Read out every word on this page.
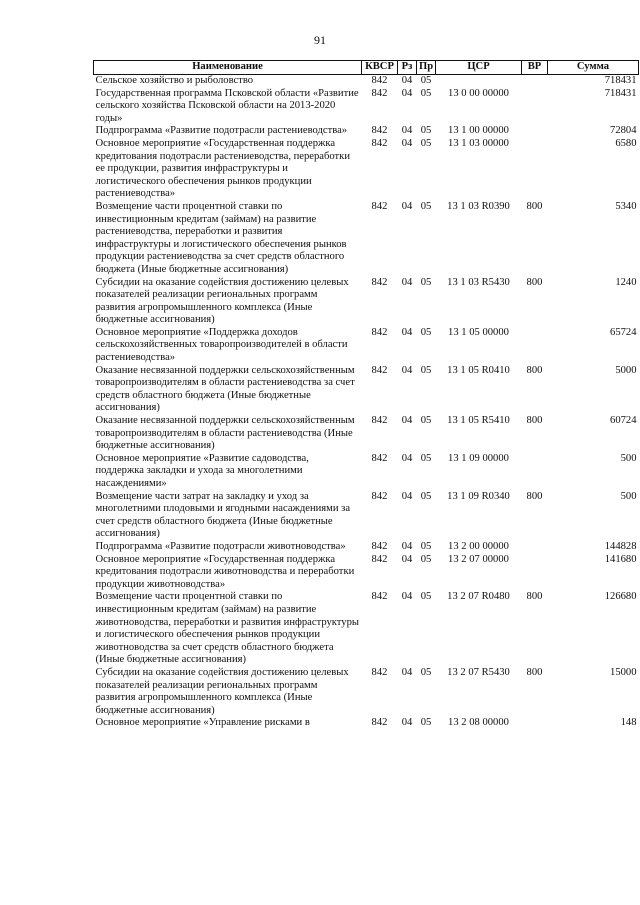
91
Наименование	КВСР	Рз	Пр	ЦСР	ВР	Сумма
Сельское хозяйство и рыболовство	842	04	05			718431
Государственная программа Псковской области «Развитие сельского хозяйства Псковской области на 2013-2020 годы»	842	04	05	13 0 00 00000		718431
Подпрограмма «Развитие подотрасли растениеводства»	842	04	05	13 1 00 00000		72804
Основное мероприятие «Государственная поддержка кредитования подотрасли растениеводства, переработки ее продукции, развития инфраструктуры и логистического обеспечения рынков продукции растениеводства»	842	04	05	13 1 03 00000		6580
Возмещение части процентной ставки по инвестиционным кредитам (займам) на развитие растениеводства, переработки и развития инфраструктуры и логистического обеспечения рынков продукции растениеводства за счет средств областного бюджета (Иные бюджетные ассигнования)	842	04	05	13 1 03 R0390	800	5340
Субсидии на оказание содействия достижению целевых показателей реализации региональных программ развития агропромышленного комплекса (Иные бюджетные ассигнования)	842	04	05	13 1 03 R5430	800	1240
Основное мероприятие «Поддержка доходов сельскохозяйственных товаропроизводителей в области растениеводства»	842	04	05	13 1 05 00000		65724
Оказание несвязанной поддержки сельскохозяйственным товаропроизводителям в области растениеводства за счет средств областного бюджета (Иные бюджетные ассигнования)	842	04	05	13 1 05 R0410	800	5000
Оказание несвязанной поддержки сельскохозяйственным товаропроизводителям в области растениеводства (Иные бюджетные ассигнования)	842	04	05	13 1 05 R5410	800	60724
Основное мероприятие «Развитие садоводства, поддержка закладки и ухода за многолетними насаждениями»	842	04	05	13 1 09 00000		500
Возмещение части затрат на закладку и уход за многолетними плодовыми и ягодными насаждениями за счет средств областного бюджета (Иные бюджетные ассигнования)	842	04	05	13 1 09 R0340	800	500
Подпрограмма «Развитие подотрасли животноводства»	842	04	05	13 2 00 00000		144828
Основное мероприятие «Государственная поддержка кредитования подотрасли животноводства и переработки продукции животноводства»	842	04	05	13 2 07 00000		141680
Возмещение части процентной ставки по инвестиционным кредитам (займам) на развитие животноводства, переработки и развития инфраструктуры и логистического обеспечения рынков продукции животноводства за счет средств областного бюджета (Иные бюджетные ассигнования)	842	04	05	13 2 07 R0480	800	126680
Субсидии на оказание содействия достижению целевых показателей реализации региональных программ развития агропромышленного комплекса (Иные бюджетные ассигнования)	842	04	05	13 2 07 R5430	800	15000
Основное мероприятие «Управление рисками в	842	04	05	13 2 08 00000		148
